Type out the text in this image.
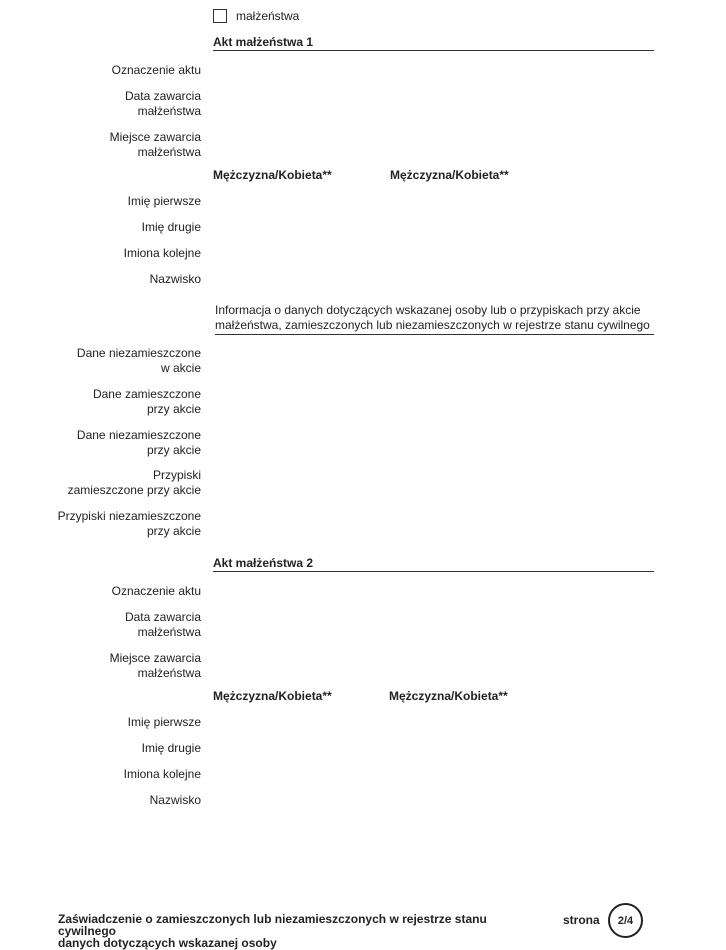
małżeństwa
Akt małżeństwa 1
Oznaczenie aktu
Data zawarcia
małżeństwa
Miejsce zawarcia
małżeństwa
Mężczyzna/Kobieta**	Mężczyzna/Kobieta**
Imię pierwsze
Imię drugie
Imiona kolejne
Nazwisko
Informacja o danych dotyczących wskazanej osoby lub o przypiskach przy akcie
małżeństwa, zamieszczonych lub niezamieszczonych w rejestrze stanu cywilnego
Dane niezamieszczone
w akcie
Dane zamieszczone
przy akcie
Dane niezamieszczone
przy akcie
Przypiski
zamieszczone przy akcie
Przypiski niezamieszczone
przy akcie
Akt małżeństwa 2
Oznaczenie aktu
Data zawarcia
małżeństwa
Miejsce zawarcia
małżeństwa
Mężczyzna/Kobieta**	Mężczyzna/Kobieta**
Imię pierwsze
Imię drugie
Imiona kolejne
Nazwisko
Zaświadczenie o zamieszczonych lub niezamieszczonych w rejestrze stanu cywilnego
danych dotyczących wskazanej osoby
strona 2/4
